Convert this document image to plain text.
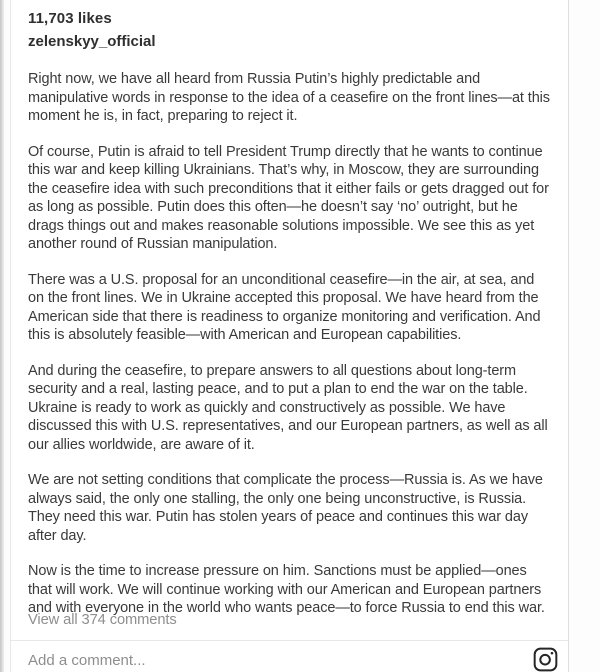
11,703 likes
zelenskyy_official

Right now, we have all heard from Russia Putin’s highly predictable and manipulative words in response to the idea of a ceasefire on the front lines—at this moment he is, in fact, preparing to reject it.

Of course, Putin is afraid to tell President Trump directly that he wants to continue this war and keep killing Ukrainians. That’s why, in Moscow, they are surrounding the ceasefire idea with such preconditions that it either fails or gets dragged out for as long as possible. Putin does this often—he doesn’t say ‘no’ outright, but he drags things out and makes reasonable solutions impossible. We see this as yet another round of Russian manipulation.

There was a U.S. proposal for an unconditional ceasefire—in the air, at sea, and on the front lines. We in Ukraine accepted this proposal. We have heard from the American side that there is readiness to organize monitoring and verification. And this is absolutely feasible—with American and European capabilities.

And during the ceasefire, to prepare answers to all questions about long-term security and a real, lasting peace, and to put a plan to end the war on the table. Ukraine is ready to work as quickly and constructively as possible. We have discussed this with U.S. representatives, and our European partners, as well as all our allies worldwide, are aware of it.

We are not setting conditions that complicate the process—Russia is. As we have always said, the only one stalling, the only one being unconstructive, is Russia. They need this war. Putin has stolen years of peace and continues this war day after day.

Now is the time to increase pressure on him. Sanctions must be applied—ones that will work. We will continue working with our American and European partners and with everyone in the world who wants peace—to force Russia to end this war.

View all 374 comments
Add a comment...
